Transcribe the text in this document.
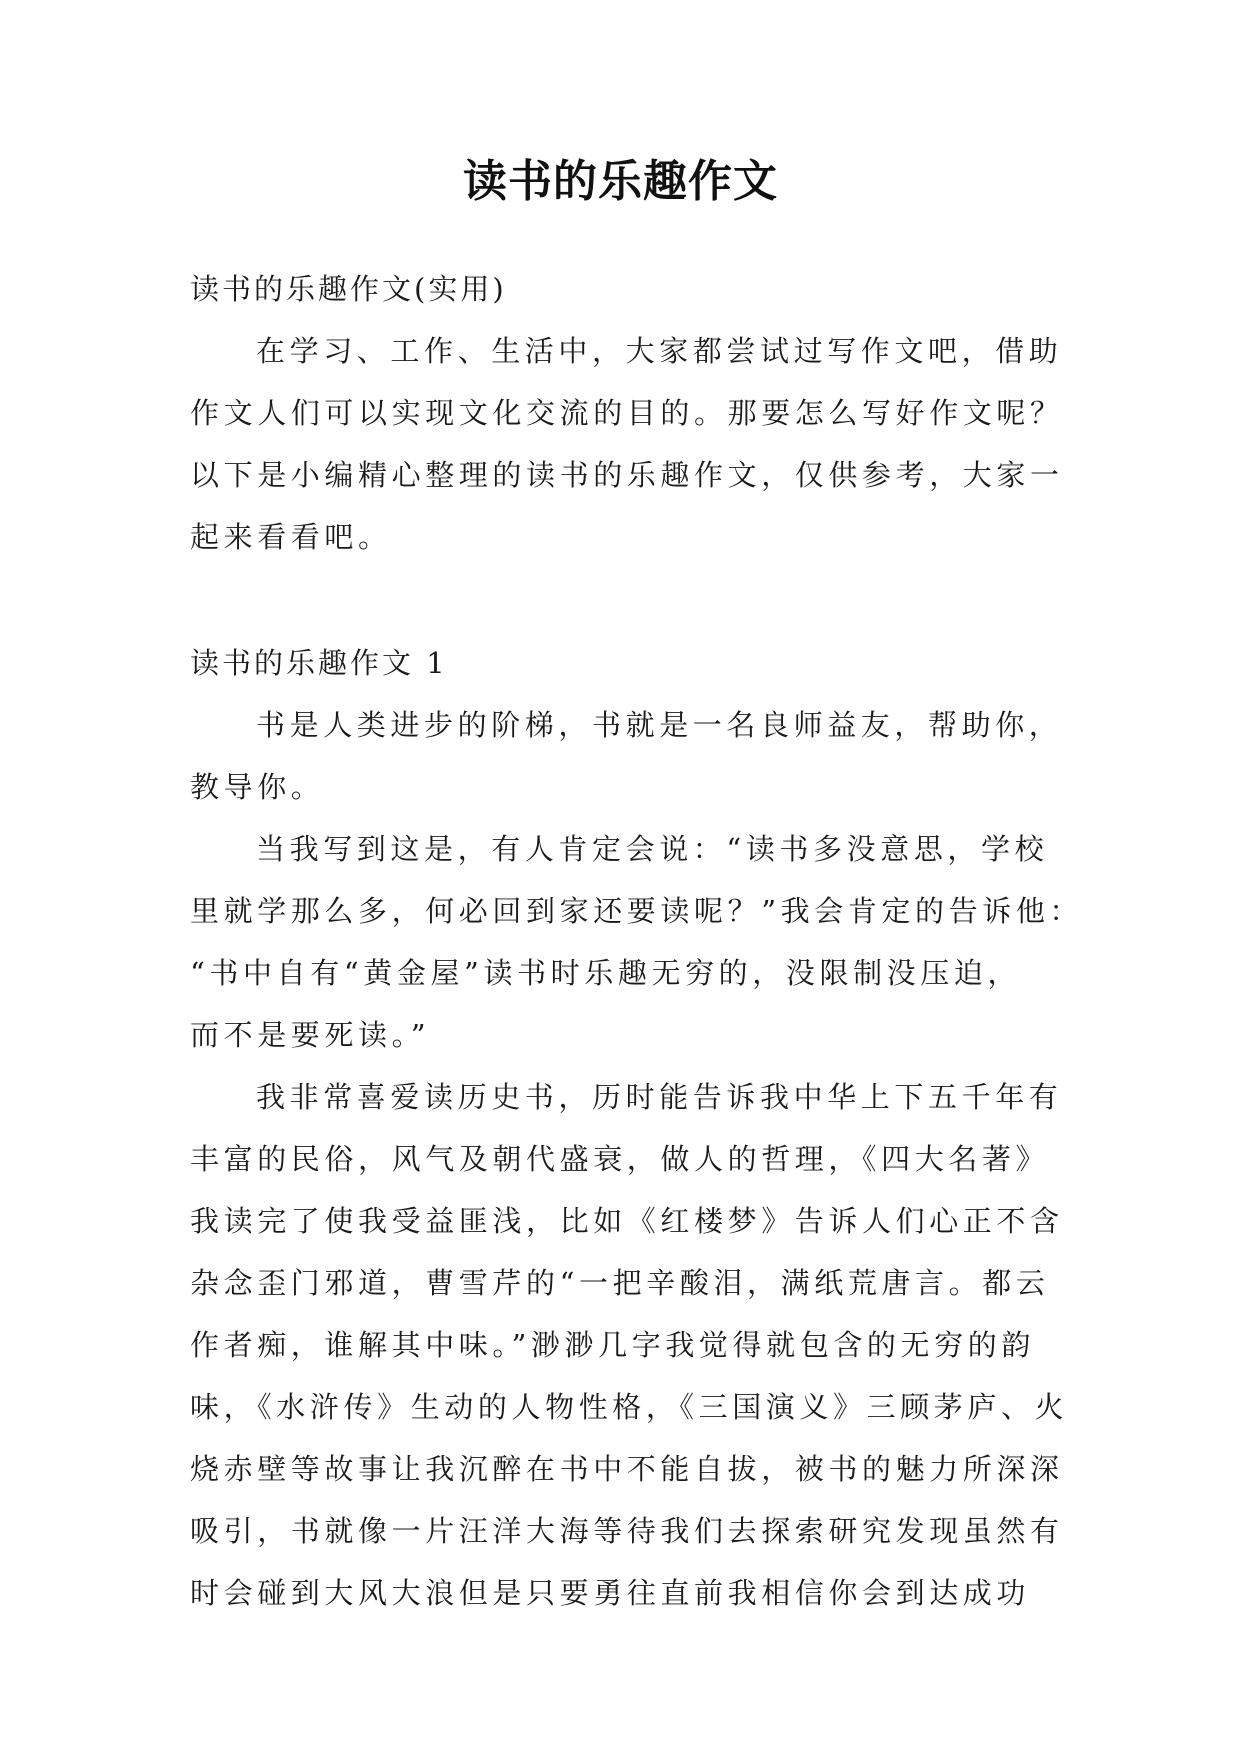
读书的乐趣作文
读书的乐趣作文(实用)
在学习、工作、生活中，大家都尝试过写作文吧，借助
作文人们可以实现文化交流的目的。那要怎么写好作文呢？
以下是小编精心整理的读书的乐趣作文，仅供参考，大家一
起来看看吧。
读书的乐趣作文 1
书是人类进步的阶梯，书就是一名良师益友，帮助你，
教导你。
当我写到这是，有人肯定会说：“读书多没意思，学校
里就学那么多，何必回到家还要读呢？”我会肯定的告诉他：
“书中自有“黄金屋”读书时乐趣无穷的，没限制没压迫，
而不是要死读。”
我非常喜爱读历史书，历时能告诉我中华上下五千年有
丰富的民俗，风气及朝代盛衰，做人的哲理，《四大名著》
我读完了使我受益匪浅，比如《红楼梦》告诉人们心正不含
杂念歪门邪道，曹雪芹的“一把辛酸泪，满纸荒唐言。都云
作者痴，谁解其中味。”渺渺几字我觉得就包含的无穷的韵
味，《水浒传》生动的人物性格，《三国演义》三顾茅庐、火
烧赤壁等故事让我沉醉在书中不能自拔，被书的魅力所深深
吸引，书就像一片汪洋大海等待我们去探索研究发现虽然有
时会碰到大风大浪但是只要勇往直前我相信你会到达成功
